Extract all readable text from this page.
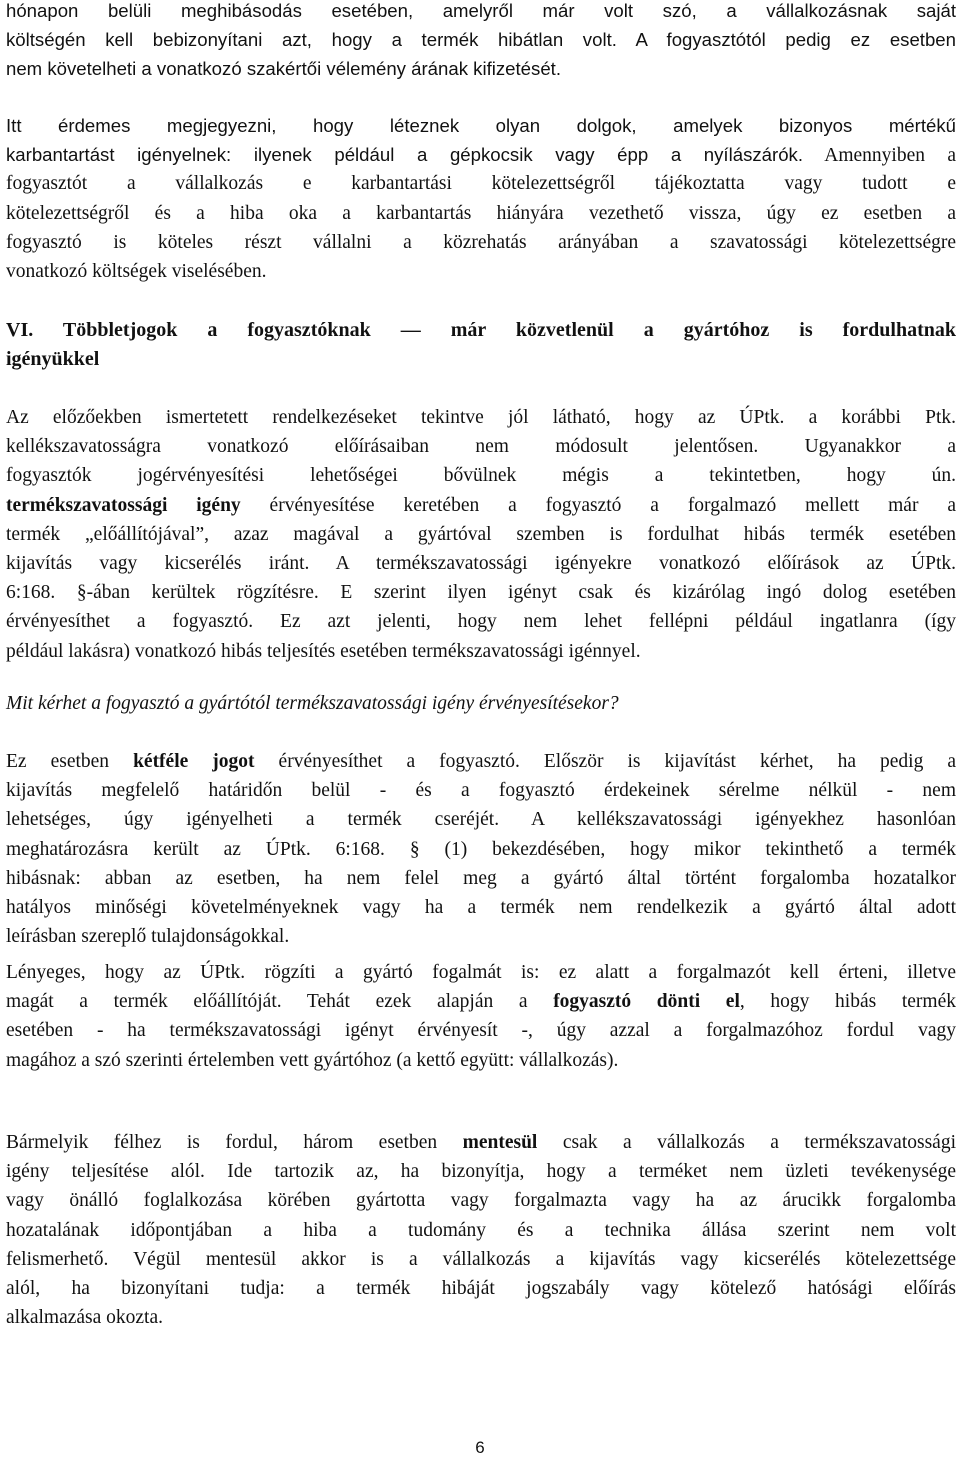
hónapon belüli meghibásodás esetében, amelyről már volt szó, a vállalkozásnak saját
költségén kell bebizonyítani azt, hogy a termék hibátlan volt. A fogyasztótól pedig ez esetben
nem követelheti a vonatkozó szakértői vélemény árának kifizetését.
Itt érdemes megjegyezni, hogy léteznek olyan dolgok, amelyek bizonyos mértékű
karbantartást igényelnek: ilyenek például a gépkocsik vagy épp a nyílászárók. Amennyiben a
fogyasztót a vállalkozás e karbantartási kötelezettségről tájékoztatta vagy tudott e
kötelezettségről és a hiba oka a karbantartás hiányára vezethető vissza, úgy ez esetben a
fogyasztó is köteles részt vállalni a közrehatás arányában a szavatossági kötelezettségre
vonatkozó költségek viselésében.
VI. Többletjogok a fogyasztóknak — már közvetlenül a gyártóhoz is fordulhatnak
igényükkel
Az előzőekben ismertetett rendelkezéseket tekintve jól látható, hogy az ÚPtk. a korábbi Ptk.
kellékszavatosságra vonatkozó előírásaiban nem módosult jelentősen. Ugyanakkor a
fogyasztók jogérvényesítési lehetőségei bővülnek mégis a tekintetben, hogy ún.
termékszavatossági igény érvényesítése keretében a fogyasztó a forgalmazó mellett már a
termék „előállítójával”, azaz magával a gyártóval szemben is fordulhat hibás termék esetében
kijavítás vagy kicserélés iránt. A termékszavatossági igényekre vonatkozó előírások az ÚPtk.
6:168. §-ában kerültek rögzítésre. E szerint ilyen igényt csak és kizárólag ingó dolog esetében
érvényesíthet a fogyasztó. Ez azt jelenti, hogy nem lehet fellépni például ingatlanra (így
például lakásra) vonatkozó hibás teljesítés esetében termékszavatossági igénnyel.
Mit kérhet a fogyasztó a gyártótól termékszavatossági igény érvényesítésekor?
Ez esetben kétféle jogot érvényesíthet a fogyasztó. Először is kijavítást kérhet, ha pedig a
kijavítás megfelelő határidőn belül - és a fogyasztó érdekeinek sérelme nélkül - nem
lehetséges, úgy igényelheti a termék cseréjét. A kellékszavatossági igényekhez hasonlóan
meghatározásra került az ÚPtk. 6:168. § (1) bekezdésében, hogy mikor tekinthető a termék
hibásnak: abban az esetben, ha nem felel meg a gyártó által történt forgalomba hozatalkor
hatályos minőségi követelményeknek vagy ha a termék nem rendelkezik a gyártó által adott
leírásban szereplő tulajdonságokkal.
Lényeges, hogy az ÚPtk. rögzíti a gyártó fogalmát is: ez alatt a forgalmazót kell érteni, illetve
magát a termék előállítóját. Tehát ezek alapján a fogyasztó dönti el, hogy hibás termék
esetében - ha termékszavatossági igényt érvényesít -, úgy azzal a forgalmazóhoz fordul vagy
magához a szó szerinti értelemben vett gyártóhoz (a kettő együtt: vállalkozás).
Bármelyik félhez is fordul, három esetben mentesül csak a vállalkozás a termékszavatossági
igény teljesítése alól. Ide tartozik az, ha bizonyítja, hogy a terméket nem üzleti tevékenysége
vagy önálló foglalkozása körében gyártotta vagy forgalmazta vagy ha az árucikk forgalomba
hozatalának időpontjában a hiba a tudomány és a technika állása szerint nem volt
felismerhető. Végül mentesül akkor is a vállalkozás a kijavítás vagy kicserélés kötelezettsége
alól, ha bizonyítani tudja: a termék hibáját jogszabály vagy kötelező hatósági előírás
alkalmazása okozta.
6
